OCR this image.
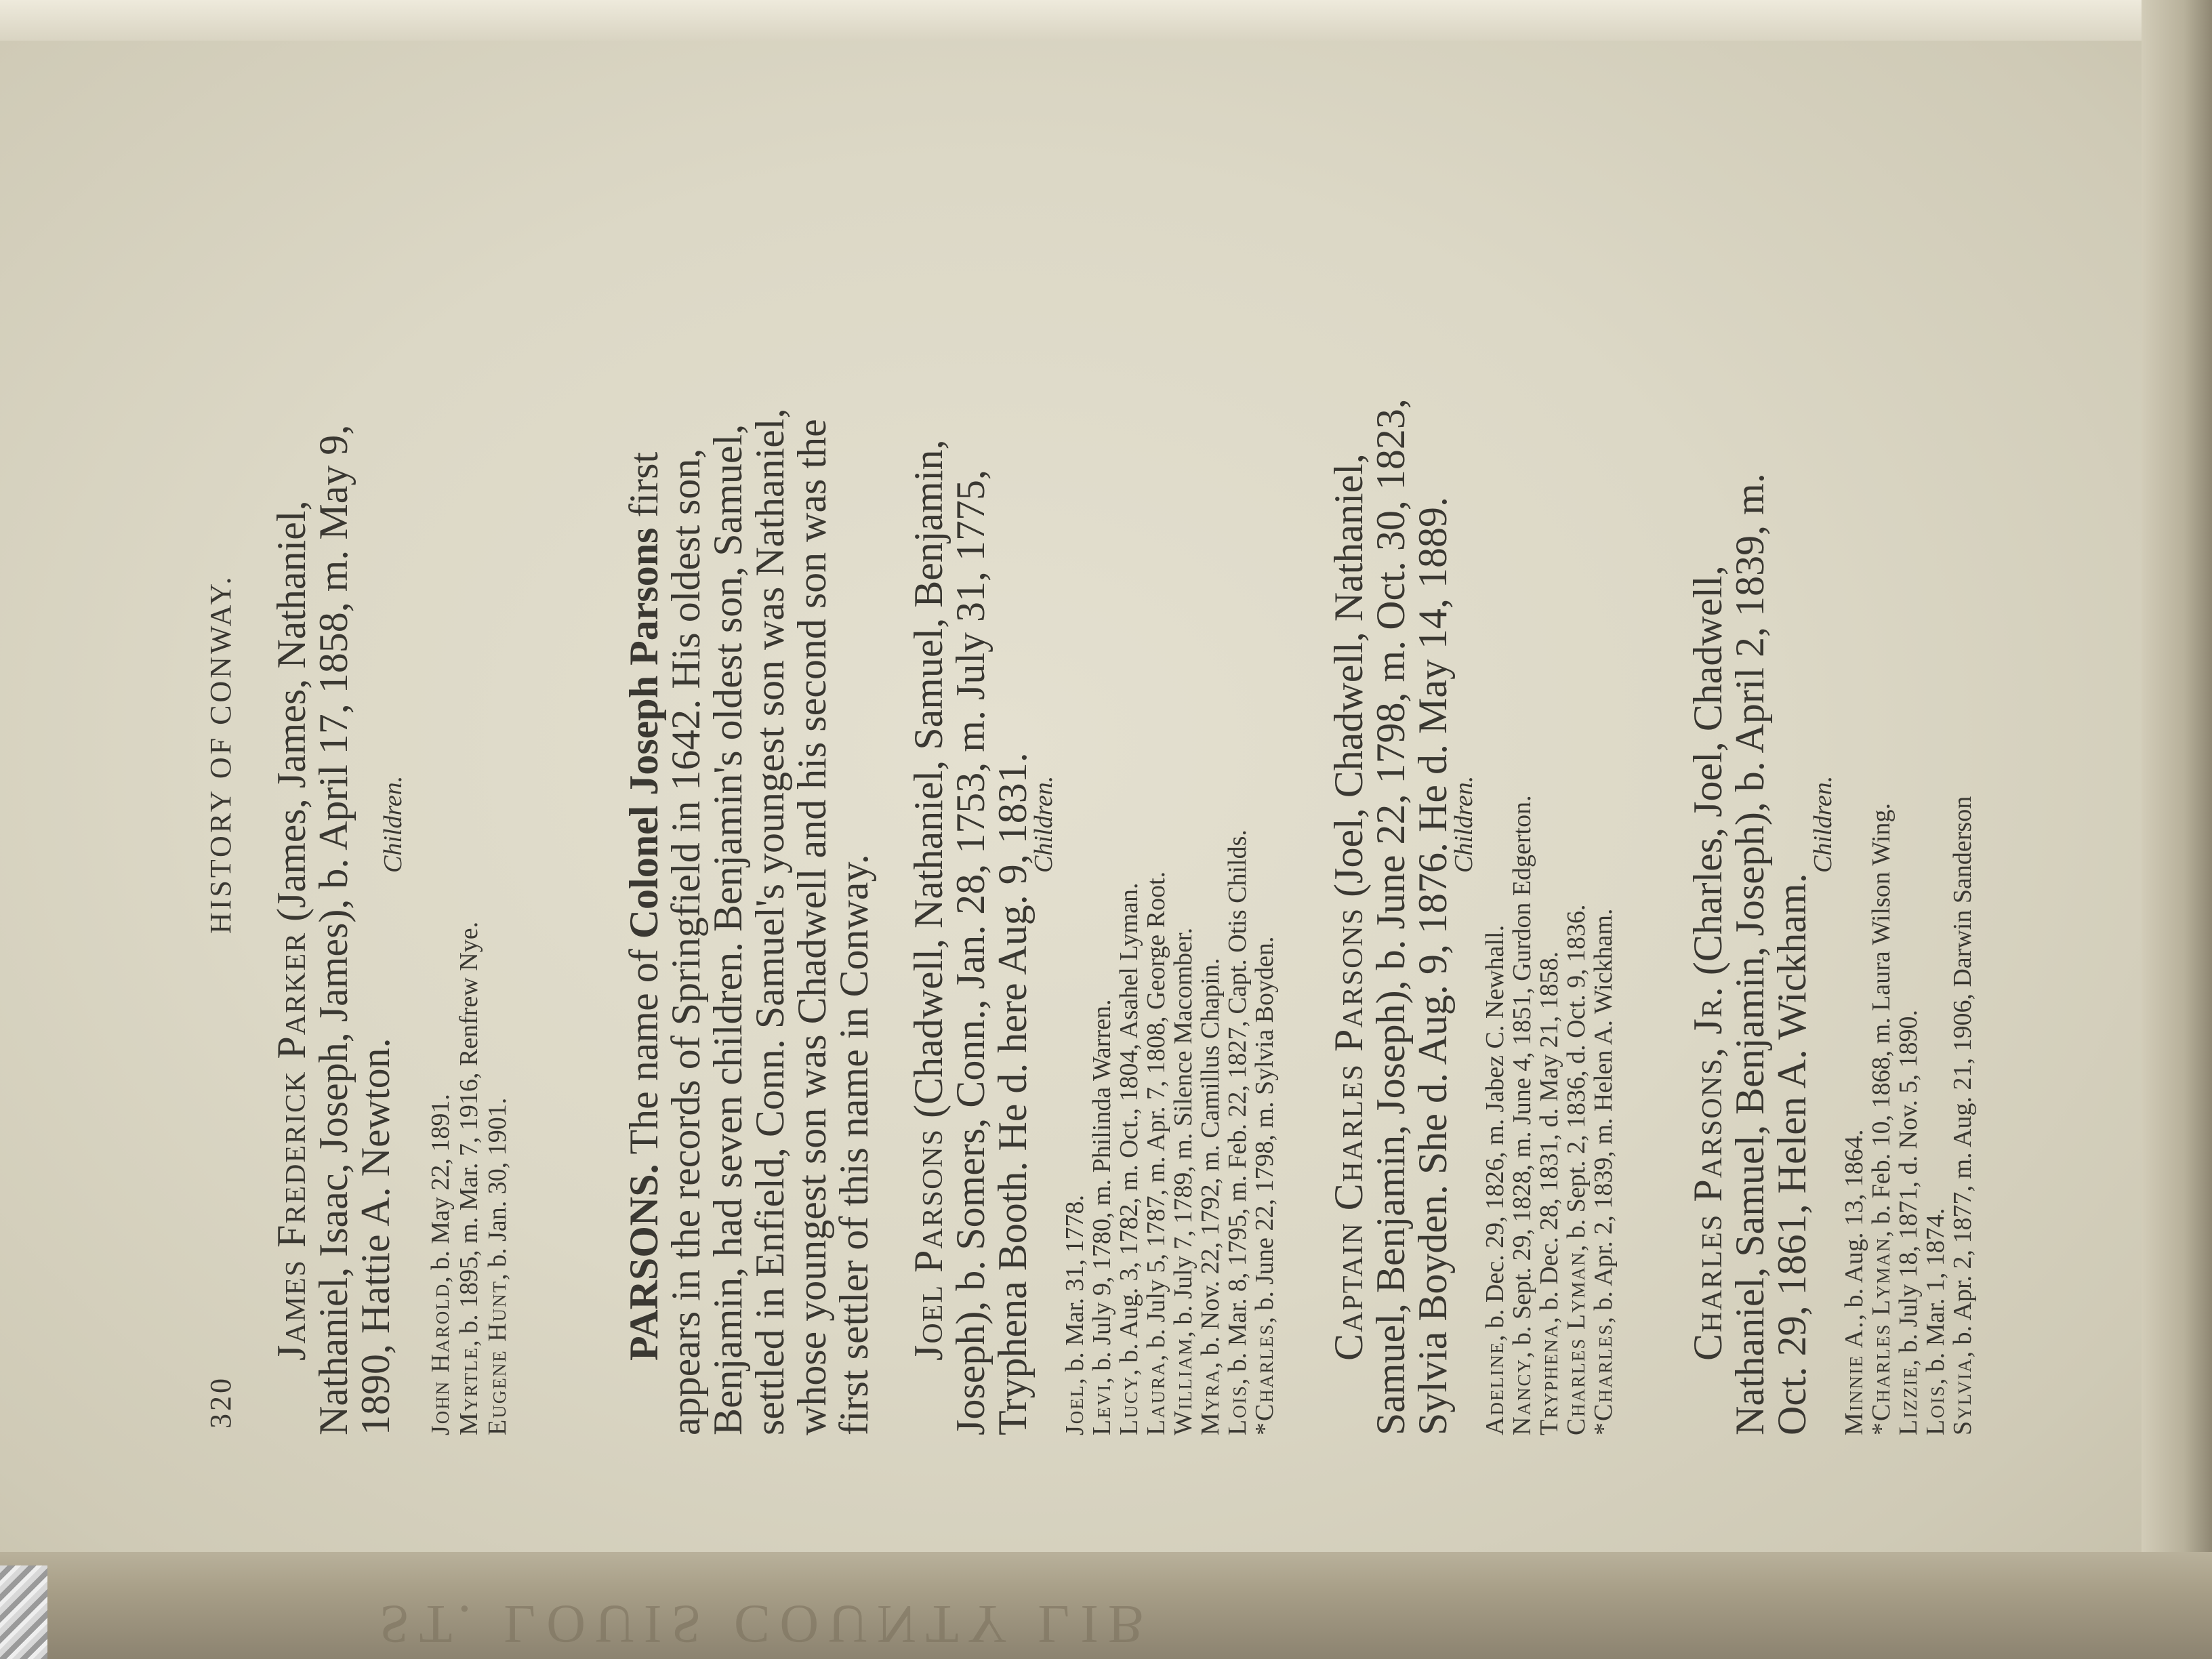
ST. LOUIS COUNTY LIB
320
HISTORY OF CONWAY.
James Frederick Parker (James, James, Nathaniel,
Nathaniel, Isaac, Joseph, James), b. April 17, 1858, m. May 9,
1890, Hattie A. Newton.
Children.
John Harold, b. May 22, 1891.
Myrtle, b. 1895, m. Mar. 7, 1916, Renfrew Nye.
Eugene Hunt, b. Jan. 30, 1901.	PARSONS. The name of Colonel Joseph Parsons first
appears in the records of Springfield in 1642. His oldest son,
Benjamin, had seven children. Benjamin's oldest son, Samuel,
settled in Enfield, Conn. Samuel's youngest son was Nathaniel,
whose youngest son was Chadwell and his second son was the
first settler of this name in Conway. Joel Parsons (Chadwell, Nathaniel, Samuel, Benjamin,
Joseph), b. Somers, Conn., Jan. 28, 1753, m. July 31, 1775,
Tryphena Booth. He d. here Aug. 9, 1831.
Children.
Joel, b. Mar. 31, 1778.
Levi, b. July 9, 1780, m. Philinda Warren.
Lucy, b. Aug. 3, 1782, m. Oct., 1804, Asahel Lyman.
Laura, b. July 5, 1787, m. Apr. 7, 1808, George Root.
William, b. July 7, 1789, m. Silence Macomber.
Myra, b. Nov. 22, 1792, m. Camillus Chapin.
Lois, b. Mar. 8, 1795, m. Feb. 22, 1827, Capt. Otis Childs.
*Charles, b. June 22, 1798, m. Sylvia Boyden. Captain Charles Parsons (Joel, Chadwell, Nathaniel,
Samuel, Benjamin, Joseph), b. June 22, 1798, m. Oct. 30, 1823,
Sylvia Boyden. She d. Aug. 9, 1876. He d. May 14, 1889.
Children.
Adeline, b. Dec. 29, 1826, m. Jabez C. Newhall.
Nancy, b. Sept. 29, 1828, m. June 4, 1851, Gurdon Edgerton.
Tryphena, b. Dec. 28, 1831, d. May 21, 1858.
Charles Lyman, b. Sept. 2, 1836, d. Oct. 9, 1836.
*Charles, b. Apr. 2, 1839, m. Helen A. Wickham. Charles Parsons, Jr. (Charles, Joel, Chadwell,
Nathaniel, Samuel, Benjamin, Joseph), b. April 2, 1839, m.
Oct. 29, 1861, Helen A. Wickham.
Children.
Minnie A., b. Aug. 13, 1864.
*Charles Lyman, b. Feb. 10, 1868, m. Laura Wilson Wing.
Lizzie, b. July 18, 1871, d. Nov. 5, 1890.
Lois, b. Mar. 1, 1874.
Sylvia, b. Apr. 2, 1877, m. Aug. 21, 1906, Darwin Sanderson
